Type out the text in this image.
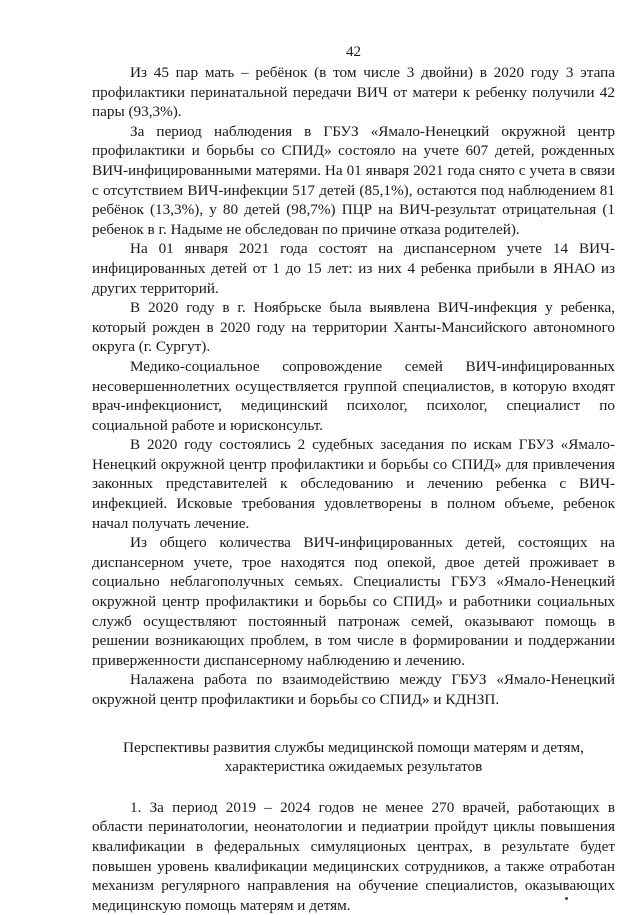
42

Из 45 пар мать – ребёнок (в том числе 3 двойни) в 2020 году 3 этапа профилактики перинатальной передачи ВИЧ от матери к ребенку получили 42 пары (93,3%).

За период наблюдения в ГБУЗ «Ямало-Ненецкий окружной центр профилактики и борьбы со СПИД» состояло на учете 607 детей, рожденных ВИЧ-инфицированными матерями. На 01 января 2021 года снято с учета в связи с отсутствием ВИЧ-инфекции 517 детей (85,1%), остаются под наблюдением 81 ребёнок (13,3%), у 80 детей (98,7%) ПЦР на ВИЧ-результат отрицательная (1 ребенок в г. Надыме не обследован по причине отказа родителей).

На 01 января 2021 года состоят на диспансерном учете 14 ВИЧ-инфицированных детей от 1 до 15 лет: из них 4 ребенка прибыли в ЯНАО из других территорий.

В 2020 году в г. Ноябрьске была выявлена ВИЧ-инфекция у ребенка, который рожден в 2020 году на территории Ханты-Мансийского автономного округа (г. Сургут).

Медико-социальное сопровождение семей ВИЧ-инфицированных несовершеннолетних осуществляется группой специалистов, в которую входят врач-инфекционист, медицинский психолог, психолог, специалист по социальной работе и юрисконсульт.

В 2020 году состоялись 2 судебных заседания по искам ГБУЗ «Ямало-Ненецкий окружной центр профилактики и борьбы со СПИД» для привлечения законных представителей к обследованию и лечению ребенка с ВИЧ-инфекцией. Исковые требования удовлетворены в полном объеме, ребенок начал получать лечение.

Из общего количества ВИЧ-инфицированных детей, состоящих на диспансерном учете, трое находятся под опекой, двое детей проживает в социально неблагополучных семьях. Специалисты ГБУЗ «Ямало-Ненецкий окружной центр профилактики и борьбы со СПИД» и работники социальных служб осуществляют постоянный патронаж семей, оказывают помощь в решении возникающих проблем, в том числе в формировании и поддержании приверженности диспансерному наблюдению и лечению.

Налажена работа по взаимодействию между ГБУЗ «Ямало-Ненецкий окружной центр профилактики и борьбы со СПИД» и КДНЗП.

Перспективы развития службы медицинской помощи матерям и детям, характеристика ожидаемых результатов

1. За период 2019 – 2024 годов не менее 270 врачей, работающих в области перинатологии, неонатологии и педиатрии пройдут циклы повышения квалификации в федеральных симуляционых центрах, в результате будет повышен уровень квалификации медицинских сотрудников, а также отработан механизм регулярного направления на обучение специалистов, оказывающих медицинскую помощь матерям и детям.
